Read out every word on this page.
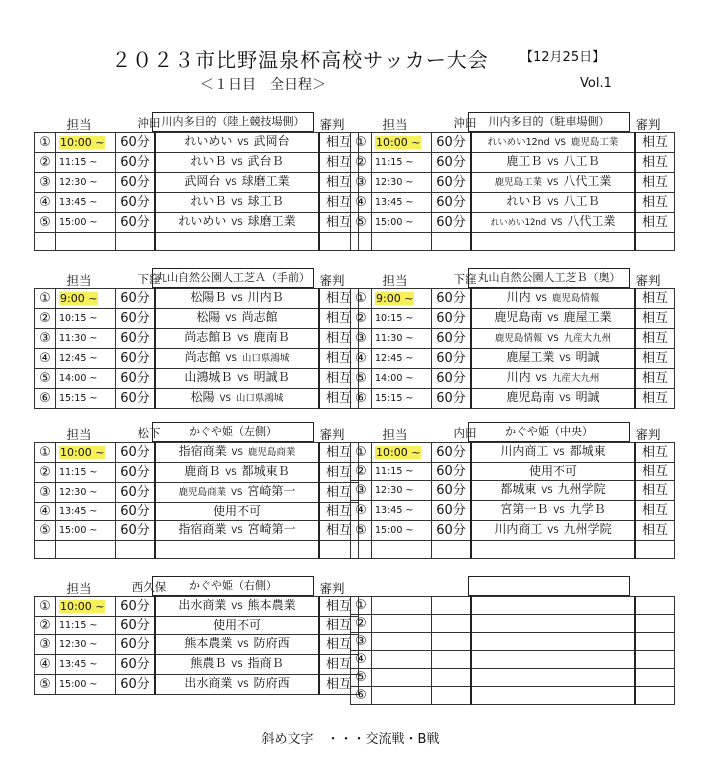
２０２３市比野温泉杯高校サッカー大会	【12月25日】
＜１日目　全日程＞	Vol.1
担当	沖田 川内多目的（陸上競技場側）	審判
①	10:00 ~	60分	れいめい VS 武岡台	相互
②	11:15 ~	60分	れいＢ VS 武台Ｂ	相互
③	12:30 ~	60分	武岡台 VS 球磨工業	相互
④	13:45 ~	60分	れいＢ VS 球工Ｂ	相互
⑤	15:00 ~	60分	れいめい VS 球磨工業	相互

担当	沖田	川内多目的（駐車場側）	審判
①	10:00 ~	60分	れいめい12nd VS 鹿児島工業	相互
②	11:15 ~	60分	鹿工Ｂ VS 八工Ｂ	相互
③	12:30 ~	60分	鹿児島工業 VS 八代工業	相互
④	13:45 ~	60分	れいＢ VS 八工Ｂ	相互
⑤	15:00 ~	60分	れいめい12nd VS 八代工業	相互

担当	下窪
丸山自然公園人工芝Ａ（手前） 審判
①	9:00 ~	60分	松陽Ｂ VS 川内Ｂ	相互
②	10:15 ~	60分	松陽 VS 尚志館	相互
③	11:30 ~	60分	尚志館Ｂ VS 鹿南Ｂ	相互
④	12:45 ~	60分	尚志館 VS 山口県鴻城	相互
⑤	14:00 ~	60分	山鴻城Ｂ VS 明誠Ｂ	相互
⑥	15:15 ~	60分	松陽 VS 山口県鴻城	相互
担当	下窪 丸山自然公園人工芝Ｂ（奥）	審判
①	9:00 ~	60分	川内 VS 鹿児島情報	相互
②	10:15 ~	60分	鹿児島南 VS 鹿屋工業	相互
③	11:30 ~	60分	鹿児島情報 VS 九産大九州	相互
④	12:45 ~	60分	鹿屋工業 VS 明誠	相互
⑤	14:00 ~	60分	川内 VS 九産大九州	相互
⑥	15:15 ~	60分	鹿児島南 VS 明誠	相互
担当	松下	かぐや姫（左側）	審判
①	10:00 ~	60分	指宿商業 VS 鹿児島商業	相互
②	11:15 ~	60分	鹿商Ｂ VS 都城東Ｂ	相互
③	12:30 ~	60分	鹿児島商業 VS 宮崎第一	相互
④	13:45 ~	60分	使用不可	相互
⑤	15:00 ~	60分	指宿商業 VS 宮崎第一	相互

担当	内田	かぐや姫（中央）	審判
①	10:00 ~	60分	川内商工 VS 都城東	相互
②	11:15 ~	60分	使用不可	相互
③	12:30 ~	60分	都城東 VS 九州学院	相互
④	13:45 ~	60分	宮第一Ｂ VS 九学Ｂ	相互
⑤	15:00 ~	60分	川内商工 VS 九州学院	相互

担当	西久保	かぐや姫（右側）	審判
①	10:00 ~	60分	出水商業 VS 熊本農業	相互
②	11:15 ~	60分	使用不可	相互
③	12:30 ~	60分	熊本農業 VS 防府西	相互
④	13:45 ~	60分	熊農Ｂ VS 指商Ｂ	相互
⑤	15:00 ~	60分	出水商業 VS 防府西	相互
①				
②				
③				
④				
⑤				
⑥				
斜め文字　・・・交流戦・B戦
